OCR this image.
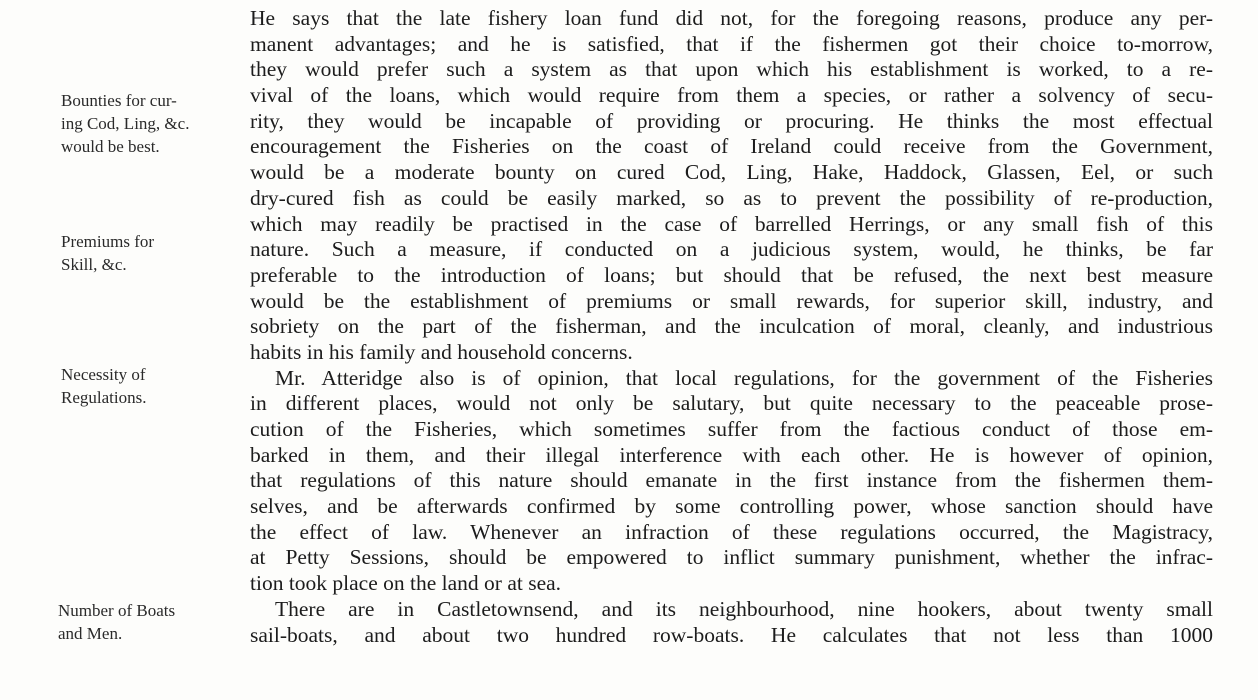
Bounties for cur-
ing Cod, Ling, &c.
would be best.
Premiums for
Skill, &c.
Necessity of
Regulations.
Number of Boats
and Men.
He says that the late fishery loan fund did not, for the foregoing reasons, produce any per-
manent advantages; and he is satisfied, that if the fishermen got their choice to-morrow,
they would prefer such a system as that upon which his establishment is worked, to a re-
vival of the loans, which would require from them a species, or rather a solvency of secu-
rity, they would be incapable of providing or procuring. He thinks the most effectual
encouragement the Fisheries on the coast of Ireland could receive from the Government,
would be a moderate bounty on cured Cod, Ling, Hake, Haddock, Glassen, Eel, or such
dry-cured fish as could be easily marked, so as to prevent the possibility of re-production,
which may readily be practised in the case of barrelled Herrings, or any small fish of this
nature. Such a measure, if conducted on a judicious system, would, he thinks, be far
preferable to the introduction of loans; but should that be refused, the next best measure
would be the establishment of premiums or small rewards, for superior skill, industry, and
sobriety on the part of the fisherman, and the inculcation of moral, cleanly, and industrious
habits in his family and household concerns.
Mr. Atteridge also is of opinion, that local regulations, for the government of the Fisheries
in different places, would not only be salutary, but quite necessary to the peaceable prose-
cution of the Fisheries, which sometimes suffer from the factious conduct of those em-
barked in them, and their illegal interference with each other. He is however of opinion,
that regulations of this nature should emanate in the first instance from the fishermen them-
selves, and be afterwards confirmed by some controlling power, whose sanction should have
the effect of law. Whenever an infraction of these regulations occurred, the Magistracy,
at Petty Sessions, should be empowered to inflict summary punishment, whether the infrac-
tion took place on the land or at sea.
There are in Castletownsend, and its neighbourhood, nine hookers, about twenty small
sail-boats, and about two hundred row-boats. He calculates that not less than 1000
